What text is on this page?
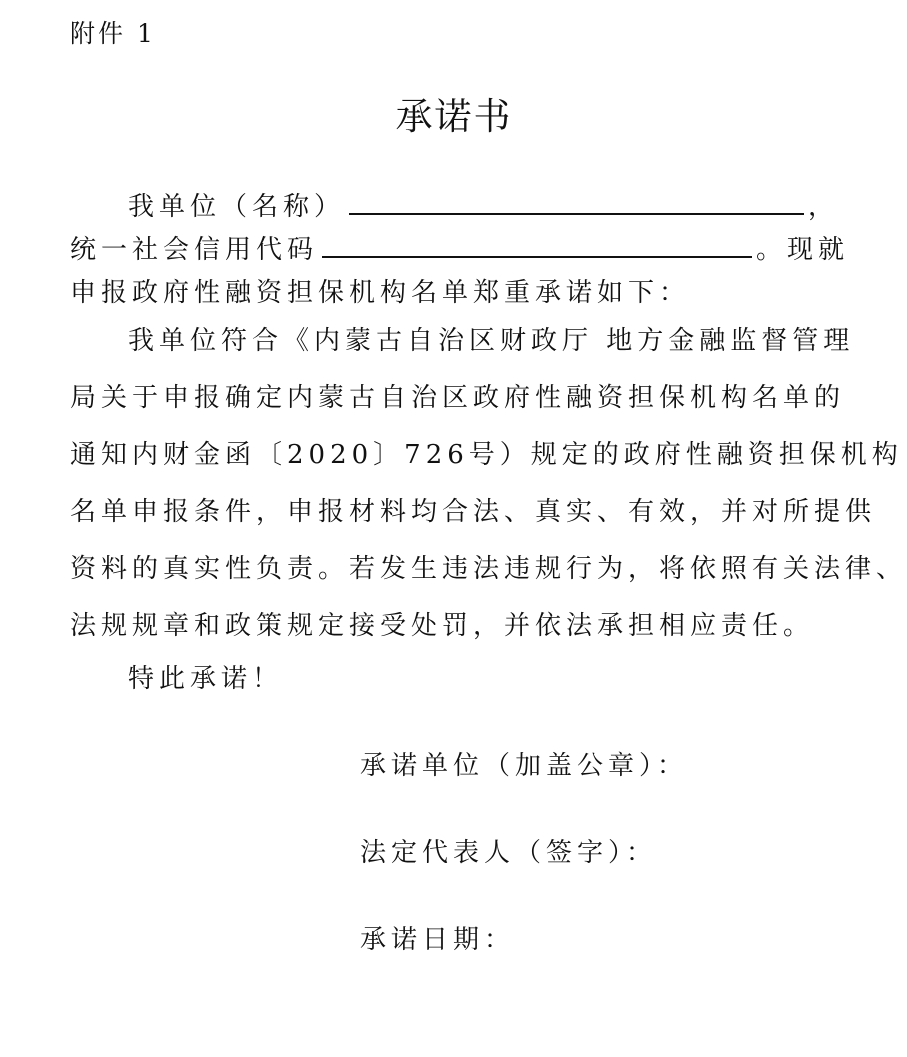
附件 1
承诺书
我单位（名称）	，
统一社会信用代码	。现就
申报政府性融资担保机构名单郑重承诺如下：
我单位符合《内蒙古自治区财政厅 地方金融监督管理
局关于申报确定内蒙古自治区政府性融资担保机构名单的
通知内财金函〔2020〕726号）规定的政府性融资担保机构
名单申报条件，申报材料均合法、真实、有效，并对所提供
资料的真实性负责。若发生违法违规行为，将依照有关法律、
法规规章和政策规定接受处罚，并依法承担相应责任。
特此承诺！
承诺单位（加盖公章）：
法定代表人（签字）：
承诺日期：
